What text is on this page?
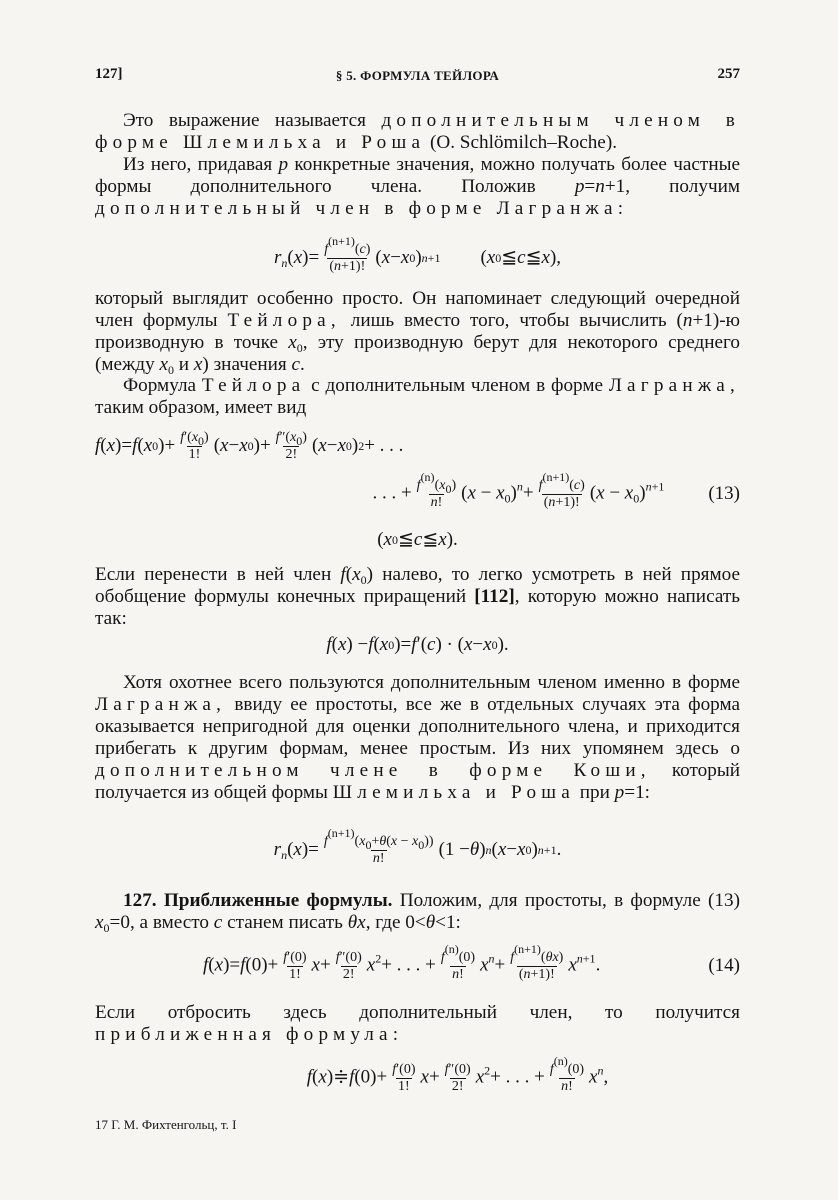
127]	§ 5. ФОРМУЛА ТЕЙЛОРА	257

Это выражение называется дополнительным членом в форме Шлемильха и Роша (O. Schlömilch–Roche).

Из него, придавая p конкретные значения, можно получать более частные формы дополнительного члена. Положив p=n+1, получим дополнительный член в форме Лагранжа:

$r_n$ ( x )= $\frac{f^{(n+1)}(c)}{(n+1)!}$ ( x − x 0 ) n+1 ( x 0 ≦ c ≦ x ),

который выглядит особенно просто. Он напоминает следующий очередной член формулы Тейлора, лишь вместо того, чтобы вычислить (n+1)-ю производную в точке $x_0$, эту производную берут для некоторого среднего (между $x_0$ и x) значения c.

Формула Тейлора с дополнительным членом в форме Лагранжа, таким образом, имеет вид

f ( x )= f ( x 0 )+ $\frac{f'(x_0)}{1!}$ ( x − x 0 )+ $\frac{f''(x_0)}{2!}$ ( x − x 0 ) 2 + . . .
. . . + $\frac{f^{(n)}(x_0)}{n!} (x - x_0)^n+ \frac{f^{(n+1)}(c)}{(n+1)!} (x - x_0)^{n+1}$ (13)
( x 0 ≦ c ≦ x ).

Если перенести в ней член $f(x_0)$ налево, то легко усмотреть в ней прямое обобщение формулы конечных приращений [112], которую можно написать так:

f ( x ) − f ( x 0 )= f ′( c ) · ( x − x 0 ).

Хотя охотнее всего пользуются дополнительным членом именно в форме Лагранжа, ввиду ее простоты, все же в отдельных случаях эта форма оказывается непригодной для оценки дополнительного члена, и приходится прибегать к другим формам, менее простым. Из них упомянем здесь о дополнительном члене в форме Коши, который получается из общей формы Шлемильха и Роша при p=1:

$r_n$ ( x )= $\frac{f^{(n+1)}(x_0+\theta(x - x_0))}{n!} (1 - \theta$ ) n ( x − x 0 ) n+1 .

127. Приближенные формулы. Положим, для простоты, в формуле (13) $x_0=0$, а вместо c станем писать θx, где 0<θ<1:

$f(x)=f(0)+ \frac{f'(0)}{1!} x+ \frac{f''(0)}{2!} x^2+$ . . . + $\frac{f^{(n)}(0)}{n!} x^n+ \frac{f^{(n+1)}(\theta x)}{(n+1)!} x^{n+1}$.	(14)

Если отбросить здесь дополнительный член, то получится приближенная формула:

f(x)≑f(0)+ $\frac{f'(0)}{1!} x+ \frac{f''(0)}{2!} x^2+$ . . . + $\frac{f^{(n)}(0)}{n!} x^n$,
17 Г. М. Фихтенгольц, т. I
